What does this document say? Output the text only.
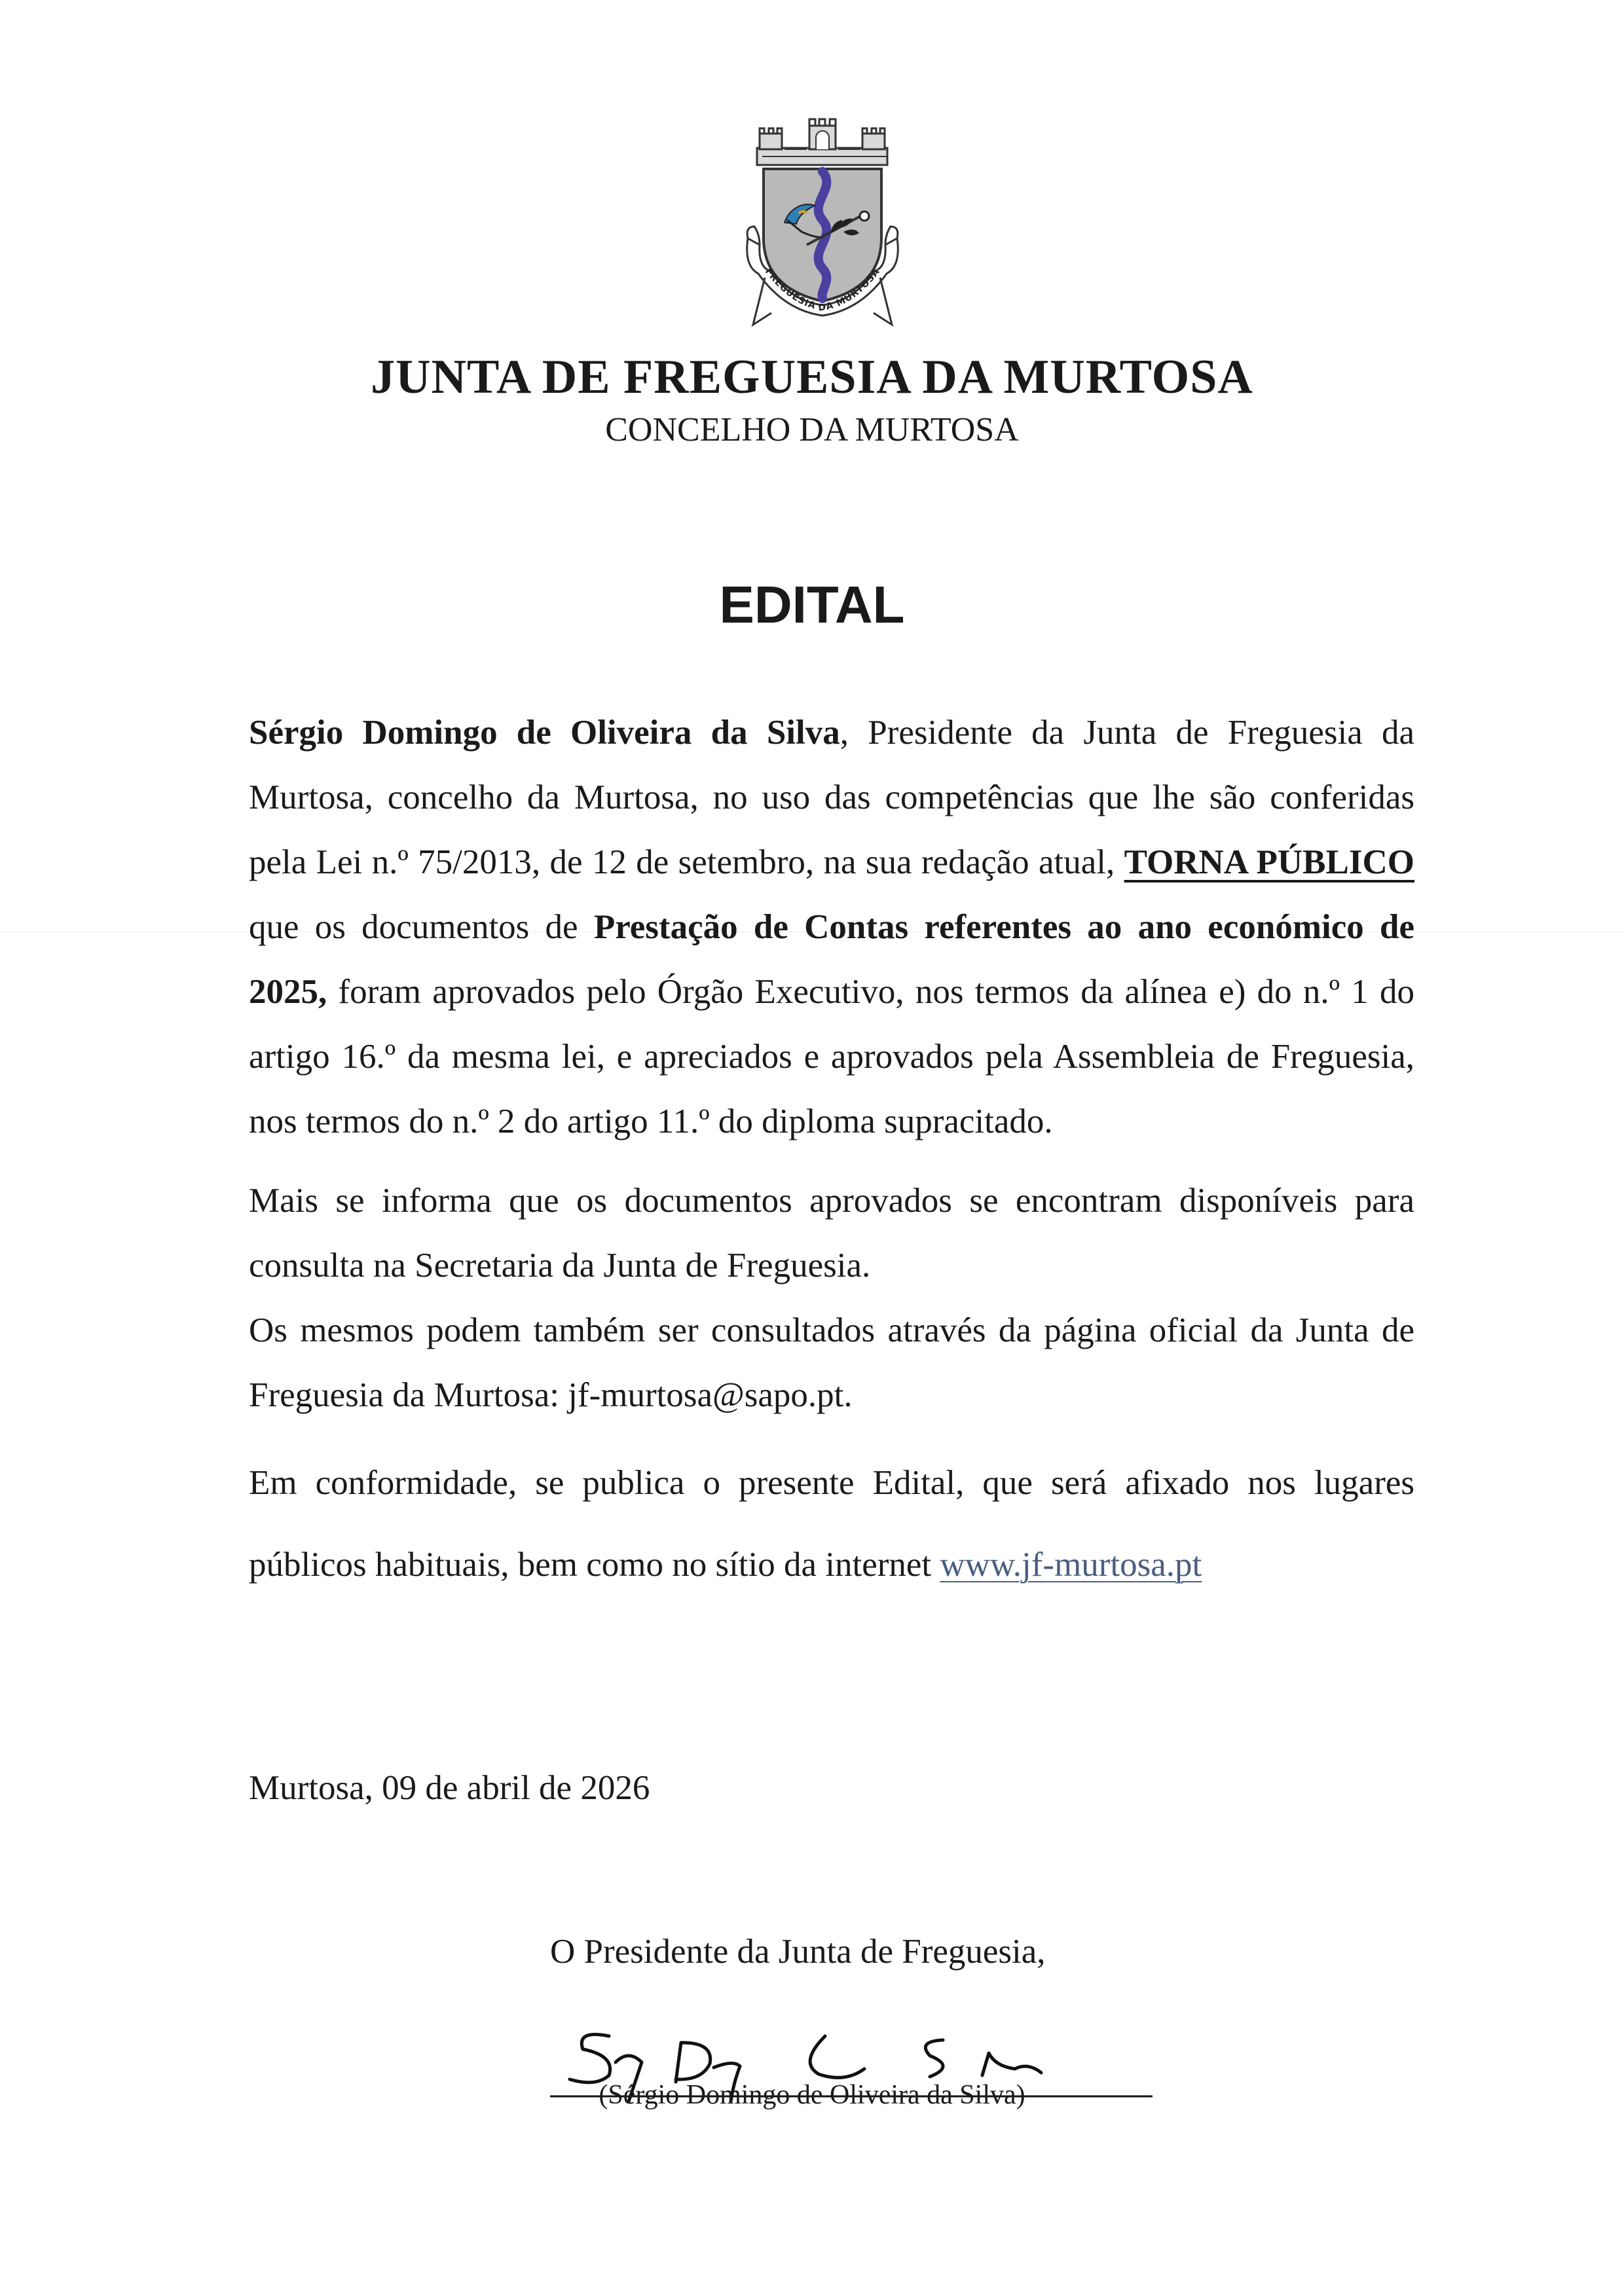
FREGUESIA DA MURTOSA
JUNTA DE FREGUESIA DA MURTOSA
CONCELHO DA MURTOSA
EDITAL

Sérgio Domingo de Oliveira da Silva, Presidente da Junta de Freguesia da Murtosa, concelho da Murtosa, no uso das competências que lhe são conferidas pela Lei n.º 75/2013, de 12 de setembro, na sua redação atual, TORNA PÚBLICO que os documentos de Prestação de Contas referentes ao ano económico de 2025, foram aprovados pelo Órgão Executivo, nos termos da alínea e) do n.º 1 do artigo 16.º da mesma lei, e apreciados e aprovados pela Assembleia de Freguesia, nos termos do n.º 2 do artigo 11.º do diploma supracitado.

Mais se informa que os documentos aprovados se encontram disponíveis para consulta na Secretaria da Junta de Freguesia.

Os mesmos podem também ser consultados através da página oficial da Junta de Freguesia da Murtosa: jf-murtosa@sapo.pt.

Em conformidade, se publica o presente Edital, que será afixado nos lugares públicos habituais, bem como no sítio da internet www.jf-murtosa.pt

Murtosa, 09 de abril de 2026
O Presidente da Junta de Freguesia,
(Sérgio Domingo de Oliveira da Silva)
